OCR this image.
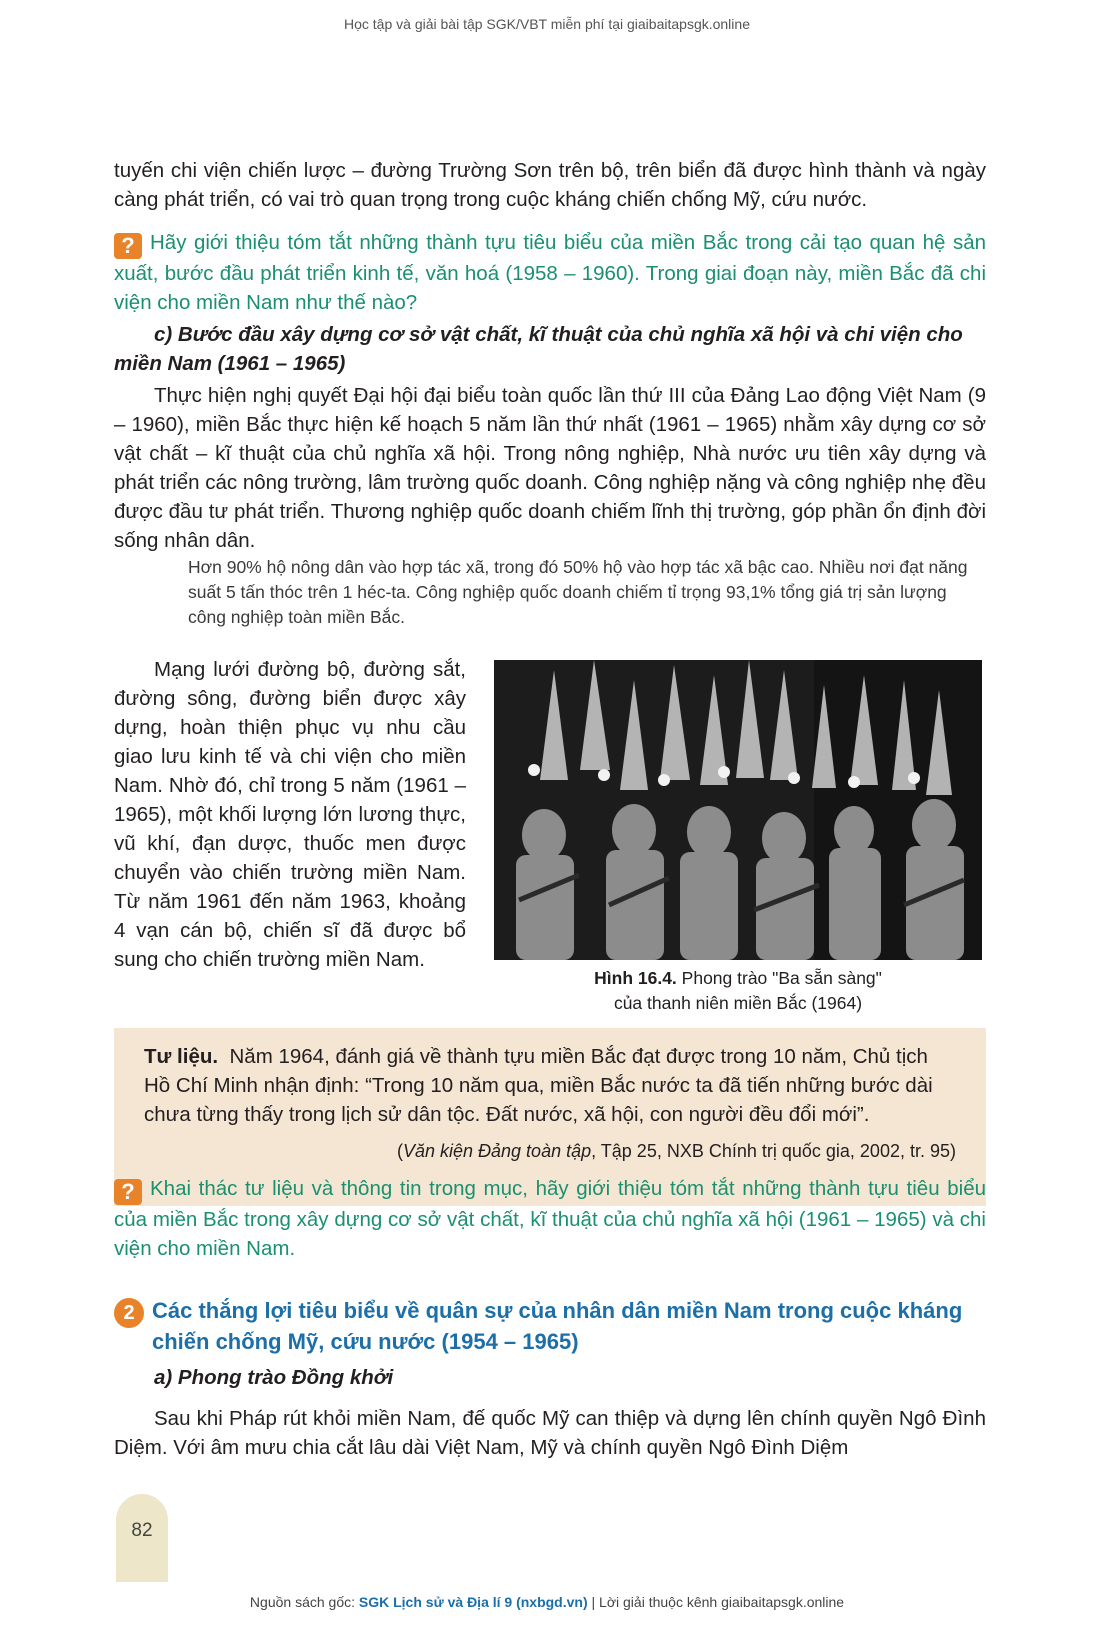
Học tập và giải bài tập SGK/VBT miễn phí tại giaibaitapsgk.online

tuyến chi viện chiến lược – đường Trường Sơn trên bộ, trên biển đã được hình thành và ngày càng phát triển, có vai trò quan trọng trong cuộc kháng chiến chống Mỹ, cứu nước.

? Hãy giới thiệu tóm tắt những thành tựu tiêu biểu của miền Bắc trong cải tạo quan hệ sản xuất, bước đầu phát triển kinh tế, văn hoá (1958 – 1960). Trong giai đoạn này, miền Bắc đã chi viện cho miền Nam như thế nào?
c) Bước đầu xây dựng cơ sở vật chất, kĩ thuật của chủ nghĩa xã hội và chi viện cho miền Nam (1961 – 1965)

Thực hiện nghị quyết Đại hội đại biểu toàn quốc lần thứ III của Đảng Lao động Việt Nam (9 – 1960), miền Bắc thực hiện kế hoạch 5 năm lần thứ nhất (1961 – 1965) nhằm xây dựng cơ sở vật chất – kĩ thuật của chủ nghĩa xã hội. Trong nông nghiệp, Nhà nước ưu tiên xây dựng và phát triển các nông trường, lâm trường quốc doanh. Công nghiệp nặng và công nghiệp nhẹ đều được đầu tư phát triển. Thương nghiệp quốc doanh chiếm lĩnh thị trường, góp phần ổn định đời sống nhân dân.

Hơn 90% hộ nông dân vào hợp tác xã, trong đó 50% hộ vào hợp tác xã bậc cao. Nhiều nơi đạt năng suất 5 tấn thóc trên 1 héc-ta. Công nghiệp quốc doanh chiếm tỉ trọng 93,1% tổng giá trị sản lượng công nghiệp toàn miền Bắc.
Mạng lưới đường bộ, đường sắt, đường sông, đường biển được xây dựng, hoàn thiện phục vụ nhu cầu giao lưu kinh tế và chi viện cho miền Nam. Nhờ đó, chỉ trong 5 năm (1961 – 1965), một khối lượng lớn lương thực, vũ khí, đạn dược, thuốc men được chuyển vào chiến trường miền Nam. Từ năm 1961 đến năm 1963, khoảng 4 vạn cán bộ, chiến sĩ đã được bổ sung cho chiến trường miền Nam.
Hình 16.4. Phong trào "Ba sẵn sàng"
của thanh niên miền Bắc (1964)
Tư liệu. Năm 1964, đánh giá về thành tựu miền Bắc đạt được trong 10 năm, Chủ tịch Hồ Chí Minh nhận định: “Trong 10 năm qua, miền Bắc nước ta đã tiến những bước dài chưa từng thấy trong lịch sử dân tộc. Đất nước, xã hội, con người đều đổi mới”.
(Văn kiện Đảng toàn tập, Tập 25, NXB Chính trị quốc gia, 2002, tr. 95)
? Khai thác tư liệu và thông tin trong mục, hãy giới thiệu tóm tắt những thành tựu tiêu biểu của miền Bắc trong xây dựng cơ sở vật chất, kĩ thuật của chủ nghĩa xã hội (1961 – 1965) và chi viện cho miền Nam.
2 Các thắng lợi tiêu biểu về quân sự của nhân dân miền Nam trong cuộc kháng chiến chống Mỹ, cứu nước (1954 – 1965)
a) Phong trào Đồng khởi

Sau khi Pháp rút khỏi miền Nam, đế quốc Mỹ can thiệp và dựng lên chính quyền Ngô Đình Diệm. Với âm mưu chia cắt lâu dài Việt Nam, Mỹ và chính quyền Ngô Đình Diệm

82
Nguồn sách gốc: SGK Lịch sử và Địa lí 9 (nxbgd.vn) | Lời giải thuộc kênh giaibaitapsgk.online
